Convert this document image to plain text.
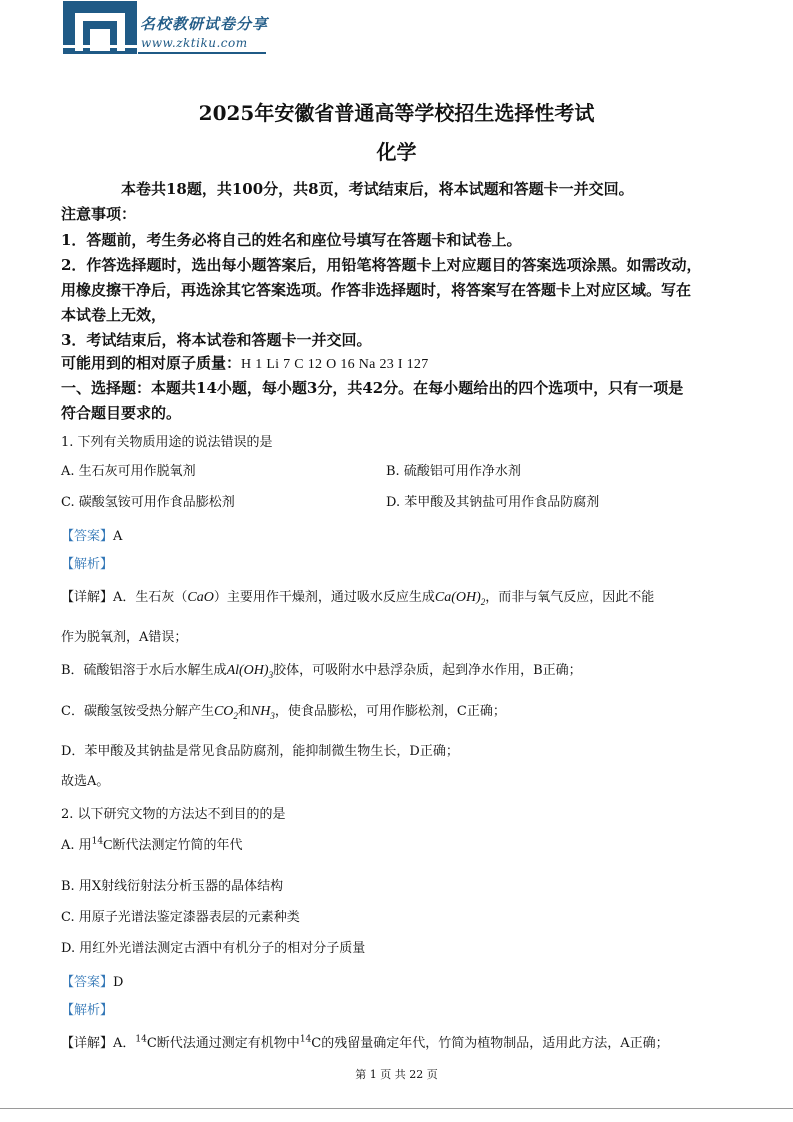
名校教研试卷分享
www.zktiku.com
2025年安徽省普通高等学校招生选择性考试
化学
本卷共18题，共100分，共8页，考试结束后，将本试题和答题卡一并交回。
注意事项：
1．答题前，考生务必将自己的姓名和座位号填写在答题卡和试卷上。
2．作答选择题时，选出每小题答案后，用铅笔将答题卡上对应题目的答案选项涂黑。如需改动，
用橡皮擦干净后，再选涂其它答案选项。作答非选择题时，将答案写在答题卡上对应区域。写在
本试卷上无效，
3．考试结束后，将本试卷和答题卡一并交回。
可能用到的相对原子质量：H 1 Li 7 C 12 O 16 Na 23 I 127
一、选择题：本题共14小题，每小题3分，共42分。在每小题给出的四个选项中，只有一项是
符合题目要求的。
1. 下列有关物质用途的说法错误的是
A. 生石灰可用作脱氧剂	B. 硫酸铝可用作净水剂
C. 碳酸氢铵可用作食品膨松剂	D. 苯甲酸及其钠盐可用作食品防腐剂
【答案】A
【解析】
【详解】A．生石灰（CaO）主要用作干燥剂，通过吸水反应生成$Ca(OH)_2$，而非与氧气反应，因此不能
作为脱氧剂，A错误；
B．硫酸铝溶于水后水解生成$Al(OH)_3$胶体，可吸附水中悬浮杂质，起到净水作用，B正确；
C．碳酸氢铵受热分解产生$CO_2$和$NH_3$，使食品膨松，可用作膨松剂，C正确；
D．苯甲酸及其钠盐是常见食品防腐剂，能抑制微生物生长，D正确；
故选A。
2. 以下研究文物的方法达不到目的的是
A. 用$^{14}$C断代法测定竹简的年代
B. 用X射线衍射法分析玉器的晶体结构
C. 用原子光谱法鉴定漆器表层的元素种类
D. 用红外光谱法测定古酒中有机分子的相对分子质量
【答案】D
【解析】
【详解】A．$^{14}$C断代法通过测定有机物中$^{14}$C的残留量确定年代，竹简为植物制品，适用此方法，A正确；
第 1 页 共 22 页
